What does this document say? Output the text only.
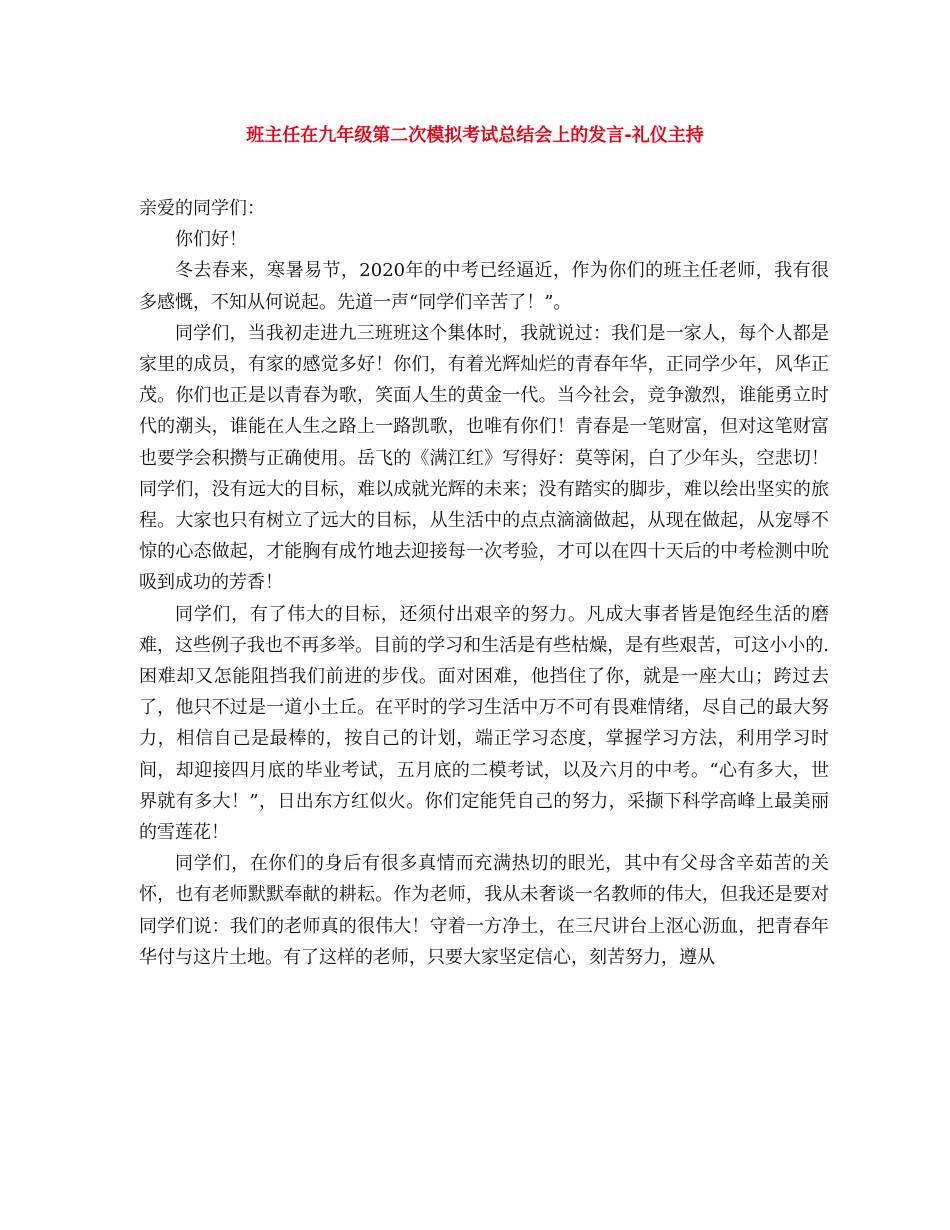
班主任在九年级第二次模拟考试总结会上的发言-礼仪主持

亲爱的同学们：

你们好！

冬去春来，寒暑易节，2020年的中考已经逼近，作为你们的班主任老师，我有很多感慨，不知从何说起。先道一声“同学们辛苦了！”。

同学们，当我初走进九三班班这个集体时，我就说过：我们是一家人，每个人都是家里的成员，有家的感觉多好！你们，有着光辉灿烂的青春年华，正同学少年，风华正茂。你们也正是以青春为歌，笑面人生的黄金一代。当今社会，竞争激烈，谁能勇立时代的潮头，谁能在人生之路上一路凯歌，也唯有你们！青春是一笔财富，但对这笔财富也要学会积攒与正确使用。岳飞的《满江红》写得好：莫等闲，白了少年头，空悲切！同学们，没有远大的目标，难以成就光辉的未来；没有踏实的脚步，难以绘出坚实的旅程。大家也只有树立了远大的目标，从生活中的点点滴滴做起，从现在做起，从宠辱不惊的心态做起，才能胸有成竹地去迎接每一次考验，才可以在四十天后的中考检测中吮吸到成功的芳香！

同学们，有了伟大的目标，还须付出艰辛的努力。凡成大事者皆是饱经生活的磨难，这些例子我也不再多举。目前的学习和生活是有些枯燥，是有些艰苦，可这小小的.困难却又怎能阻挡我们前进的步伐。面对困难，他挡住了你，就是一座大山；跨过去了，他只不过是一道小土丘。在平时的学习生活中万不可有畏难情绪，尽自己的最大努力，相信自己是最棒的，按自己的计划，端正学习态度，掌握学习方法，利用学习时间，却迎接四月底的毕业考试，五月底的二模考试，以及六月的中考。“心有多大，世界就有多大！”，日出东方红似火。你们定能凭自己的努力，采撷下科学高峰上最美丽的雪莲花！

同学们，在你们的身后有很多真情而充满热切的眼光，其中有父母含辛茹苦的关怀，也有老师默默奉献的耕耘。作为老师，我从未奢谈一名教师的伟大，但我还是要对同学们说：我们的老师真的很伟大！守着一方净土，在三尺讲台上沤心沥血，把青春年华付与这片土地。有了这样的老师，只要大家坚定信心，刻苦努力，遵从
